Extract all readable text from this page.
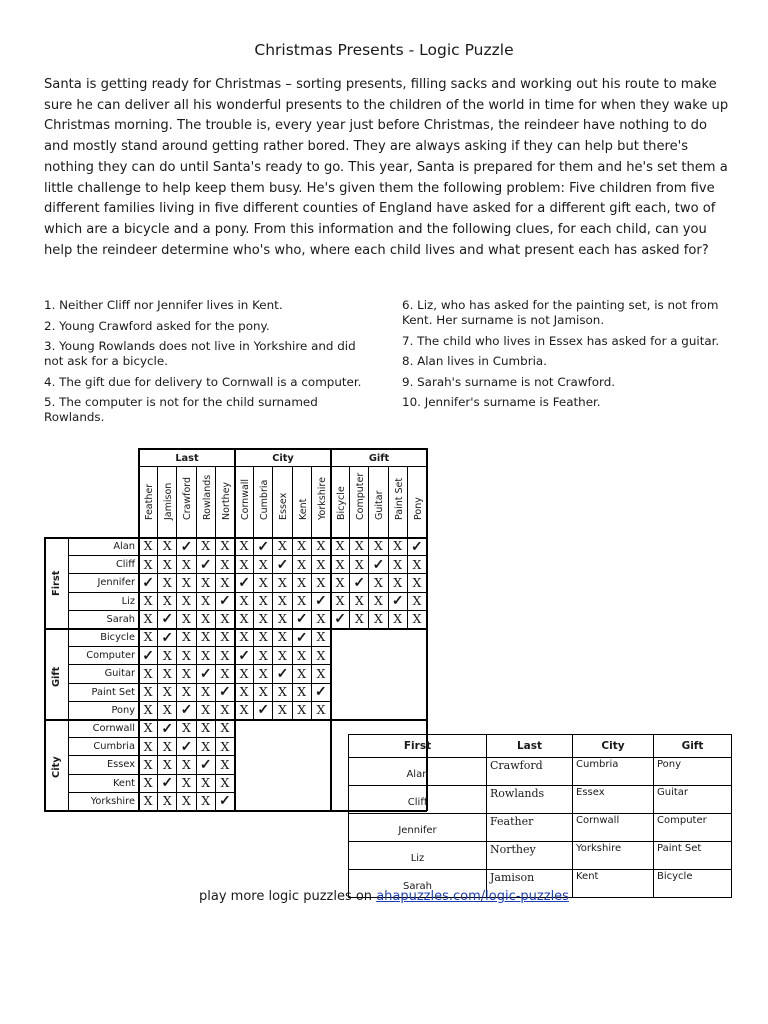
Christmas Presents - Logic Puzzle

Santa is getting ready for Christmas – sorting presents, filling sacks and working out his route to make sure he can deliver all his wonderful presents to the children of the world in time for when they wake up Christmas morning. The trouble is, every year just before Christmas, the reindeer have nothing to do and mostly stand around getting rather bored. They are always asking if they can help but there's nothing they can do until Santa's ready to go. This year, Santa is prepared for them and he's set them a little challenge to help keep them busy. He's given them the following problem: Five children from five different families living in five different counties of England have asked for a different gift each, two of which are a bicycle and a pony. From this information and the following clues, for each child, can you help the reindeer determine who's who, where each child lives and what present each has asked for?

1. Neither Cliff nor Jennifer lives in Kent.
2. Young Crawford asked for the pony.
3. Young Rowlands does not live in Yorkshire and did not ask for a bicycle.
4. The gift due for delivery to Cornwall is a computer.
5. The computer is not for the child surnamed Rowlands.
6. Liz, who has asked for the painting set, is not from Kent. Her surname is not Jamison.
7. The child who lives in Essex has asked for a guitar.
8. Alan lives in Cumbria.
9. Sarah's surname is not Crawford.
10. Jennifer's surname is Feather.
Last
Feather Jamison Crawford Rowlands Northey
City
Cornwall Cumbria Essex Kent Yorkshire
Gift
Bicycle Computer Guitar Paint Set Pony
First
Alan
Cliff
Jennifer
Liz
Sarah
Gift
Bicycle
Computer
Guitar
Paint Set
Pony
City
Cornwall
Cumbria
Essex
Kent
Yorkshire
X X ✓ X X X ✓ X X X X X X X ✓
X X X ✓ X X X ✓ X X X X ✓ X X
✓ X X X X ✓ X X X X X ✓ X X X
X X X X ✓ X X X X ✓ X X X ✓ X
X ✓ X X X X X X ✓ X ✓ X X X X
X ✓ X X X X X X ✓ X
✓ X X X X ✓ X X X X
X X X ✓ X X X ✓ X X
X X X X ✓ X X X X ✓
X X ✓ X X X ✓ X X X
X ✓ X X X
X X ✓ X X
X X X ✓ X
X ✓ X X X
X X X X ✓
First	Last	City	Gift
Alan	Crawford	Cumbria	Pony
Cliff	Rowlands	Essex	Guitar
Jennifer	Feather	Cornwall	Computer
Liz	Northey	Yorkshire	Paint Set
Sarah	Jamison	Kent	Bicycle
play more logic puzzles on ahapuzzles.com/logic-puzzles
